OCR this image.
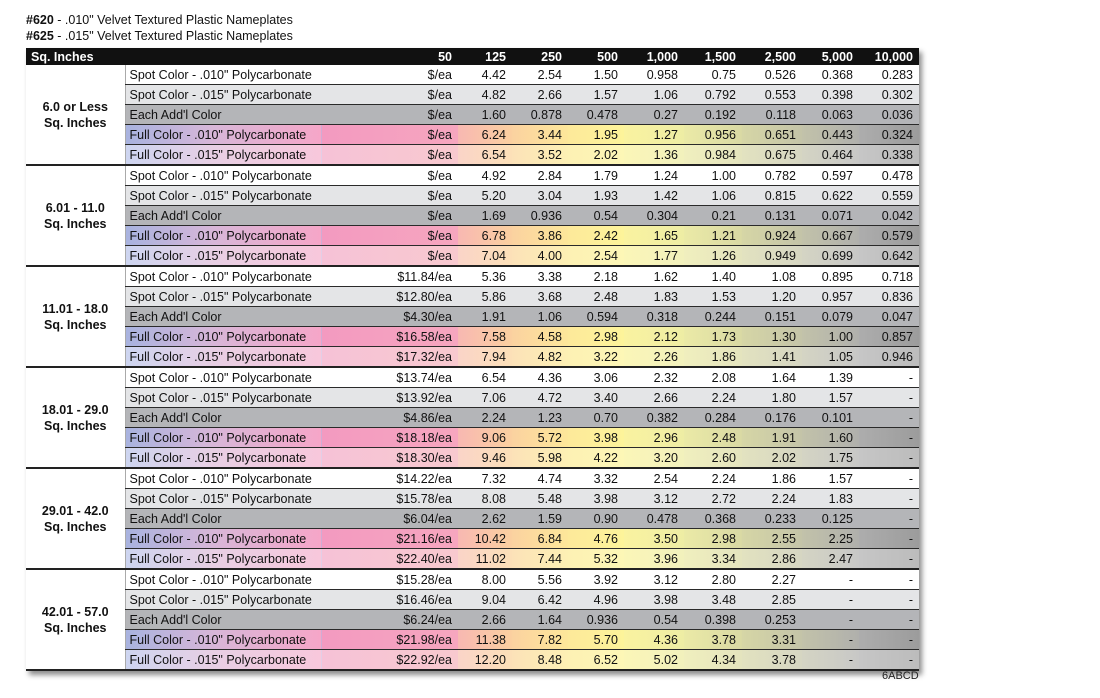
#620 - .010" Velvet Textured Plastic Nameplates
#625 - .015" Velvet Textured Plastic Nameplates
Sq. Inches		50	125	250	500	1,000	1,500	2,500	5,000	10,000

6.0 or Less
Sq. Inches	Spot Color - .010" Polycarbonate	$/ea	4.42	2.54	1.50	0.958	0.75	0.526	0.368	0.283
	Spot Color - .015" Polycarbonate	$/ea	4.82	2.66	1.57	1.06	0.792	0.553	0.398	0.302
	Each Add'l Color	$/ea	1.60	0.878	0.478	0.27	0.192	0.118	0.063	0.036
	Full Color - .010" Polycarbonate	$/ea	6.24	3.44	1.95	1.27	0.956	0.651	0.443	0.324
	Full Color - .015" Polycarbonate	$/ea	6.54	3.52	2.02	1.36	0.984	0.675	0.464	0.338

6.01 - 11.0
Sq. Inches	Spot Color - .010" Polycarbonate	$/ea	4.92	2.84	1.79	1.24	1.00	0.782	0.597	0.478
	Spot Color - .015" Polycarbonate	$/ea	5.20	3.04	1.93	1.42	1.06	0.815	0.622	0.559
	Each Add'l Color	$/ea	1.69	0.936	0.54	0.304	0.21	0.131	0.071	0.042
	Full Color - .010" Polycarbonate	$/ea	6.78	3.86	2.42	1.65	1.21	0.924	0.667	0.579
	Full Color - .015" Polycarbonate	$/ea	7.04	4.00	2.54	1.77	1.26	0.949	0.699	0.642

11.01 - 18.0
Sq. Inches	Spot Color - .010" Polycarbonate	$11.84/ea	5.36	3.38	2.18	1.62	1.40	1.08	0.895	0.718
	Spot Color - .015" Polycarbonate	$12.80/ea	5.86	3.68	2.48	1.83	1.53	1.20	0.957	0.836
	Each Add'l Color	$4.30/ea	1.91	1.06	0.594	0.318	0.244	0.151	0.079	0.047
	Full Color - .010" Polycarbonate	$16.58/ea	7.58	4.58	2.98	2.12	1.73	1.30	1.00	0.857
	Full Color - .015" Polycarbonate	$17.32/ea	7.94	4.82	3.22	2.26	1.86	1.41	1.05	0.946

18.01 - 29.0
Sq. Inches	Spot Color - .010" Polycarbonate	$13.74/ea	6.54	4.36	3.06	2.32	2.08	1.64	1.39	-
	Spot Color - .015" Polycarbonate	$13.92/ea	7.06	4.72	3.40	2.66	2.24	1.80	1.57	-
	Each Add'l Color	$4.86/ea	2.24	1.23	0.70	0.382	0.284	0.176	0.101	-
	Full Color - .010" Polycarbonate	$18.18/ea	9.06	5.72	3.98	2.96	2.48	1.91	1.60	-
	Full Color - .015" Polycarbonate	$18.30/ea	9.46	5.98	4.22	3.20	2.60	2.02	1.75	-

29.01 - 42.0
Sq. Inches	Spot Color - .010" Polycarbonate	$14.22/ea	7.32	4.74	3.32	2.54	2.24	1.86	1.57	-
	Spot Color - .015" Polycarbonate	$15.78/ea	8.08	5.48	3.98	3.12	2.72	2.24	1.83	-
	Each Add'l Color	$6.04/ea	2.62	1.59	0.90	0.478	0.368	0.233	0.125	-
	Full Color - .010" Polycarbonate	$21.16/ea	10.42	6.84	4.76	3.50	2.98	2.55	2.25	-
	Full Color - .015" Polycarbonate	$22.40/ea	11.02	7.44	5.32	3.96	3.34	2.86	2.47	-

42.01 - 57.0
Sq. Inches	Spot Color - .010" Polycarbonate	$15.28/ea	8.00	5.56	3.92	3.12	2.80	2.27	-	-
	Spot Color - .015" Polycarbonate	$16.46/ea	9.04	6.42	4.96	3.98	3.48	2.85	-	-
	Each Add'l Color	$6.24/ea	2.66	1.64	0.936	0.54	0.398	0.253	-	-
	Full Color - .010" Polycarbonate	$21.98/ea	11.38	7.82	5.70	4.36	3.78	3.31	-	-
	Full Color - .015" Polycarbonate	$22.92/ea	12.20	8.48	6.52	5.02	4.34	3.78	-	-
6ABCD
